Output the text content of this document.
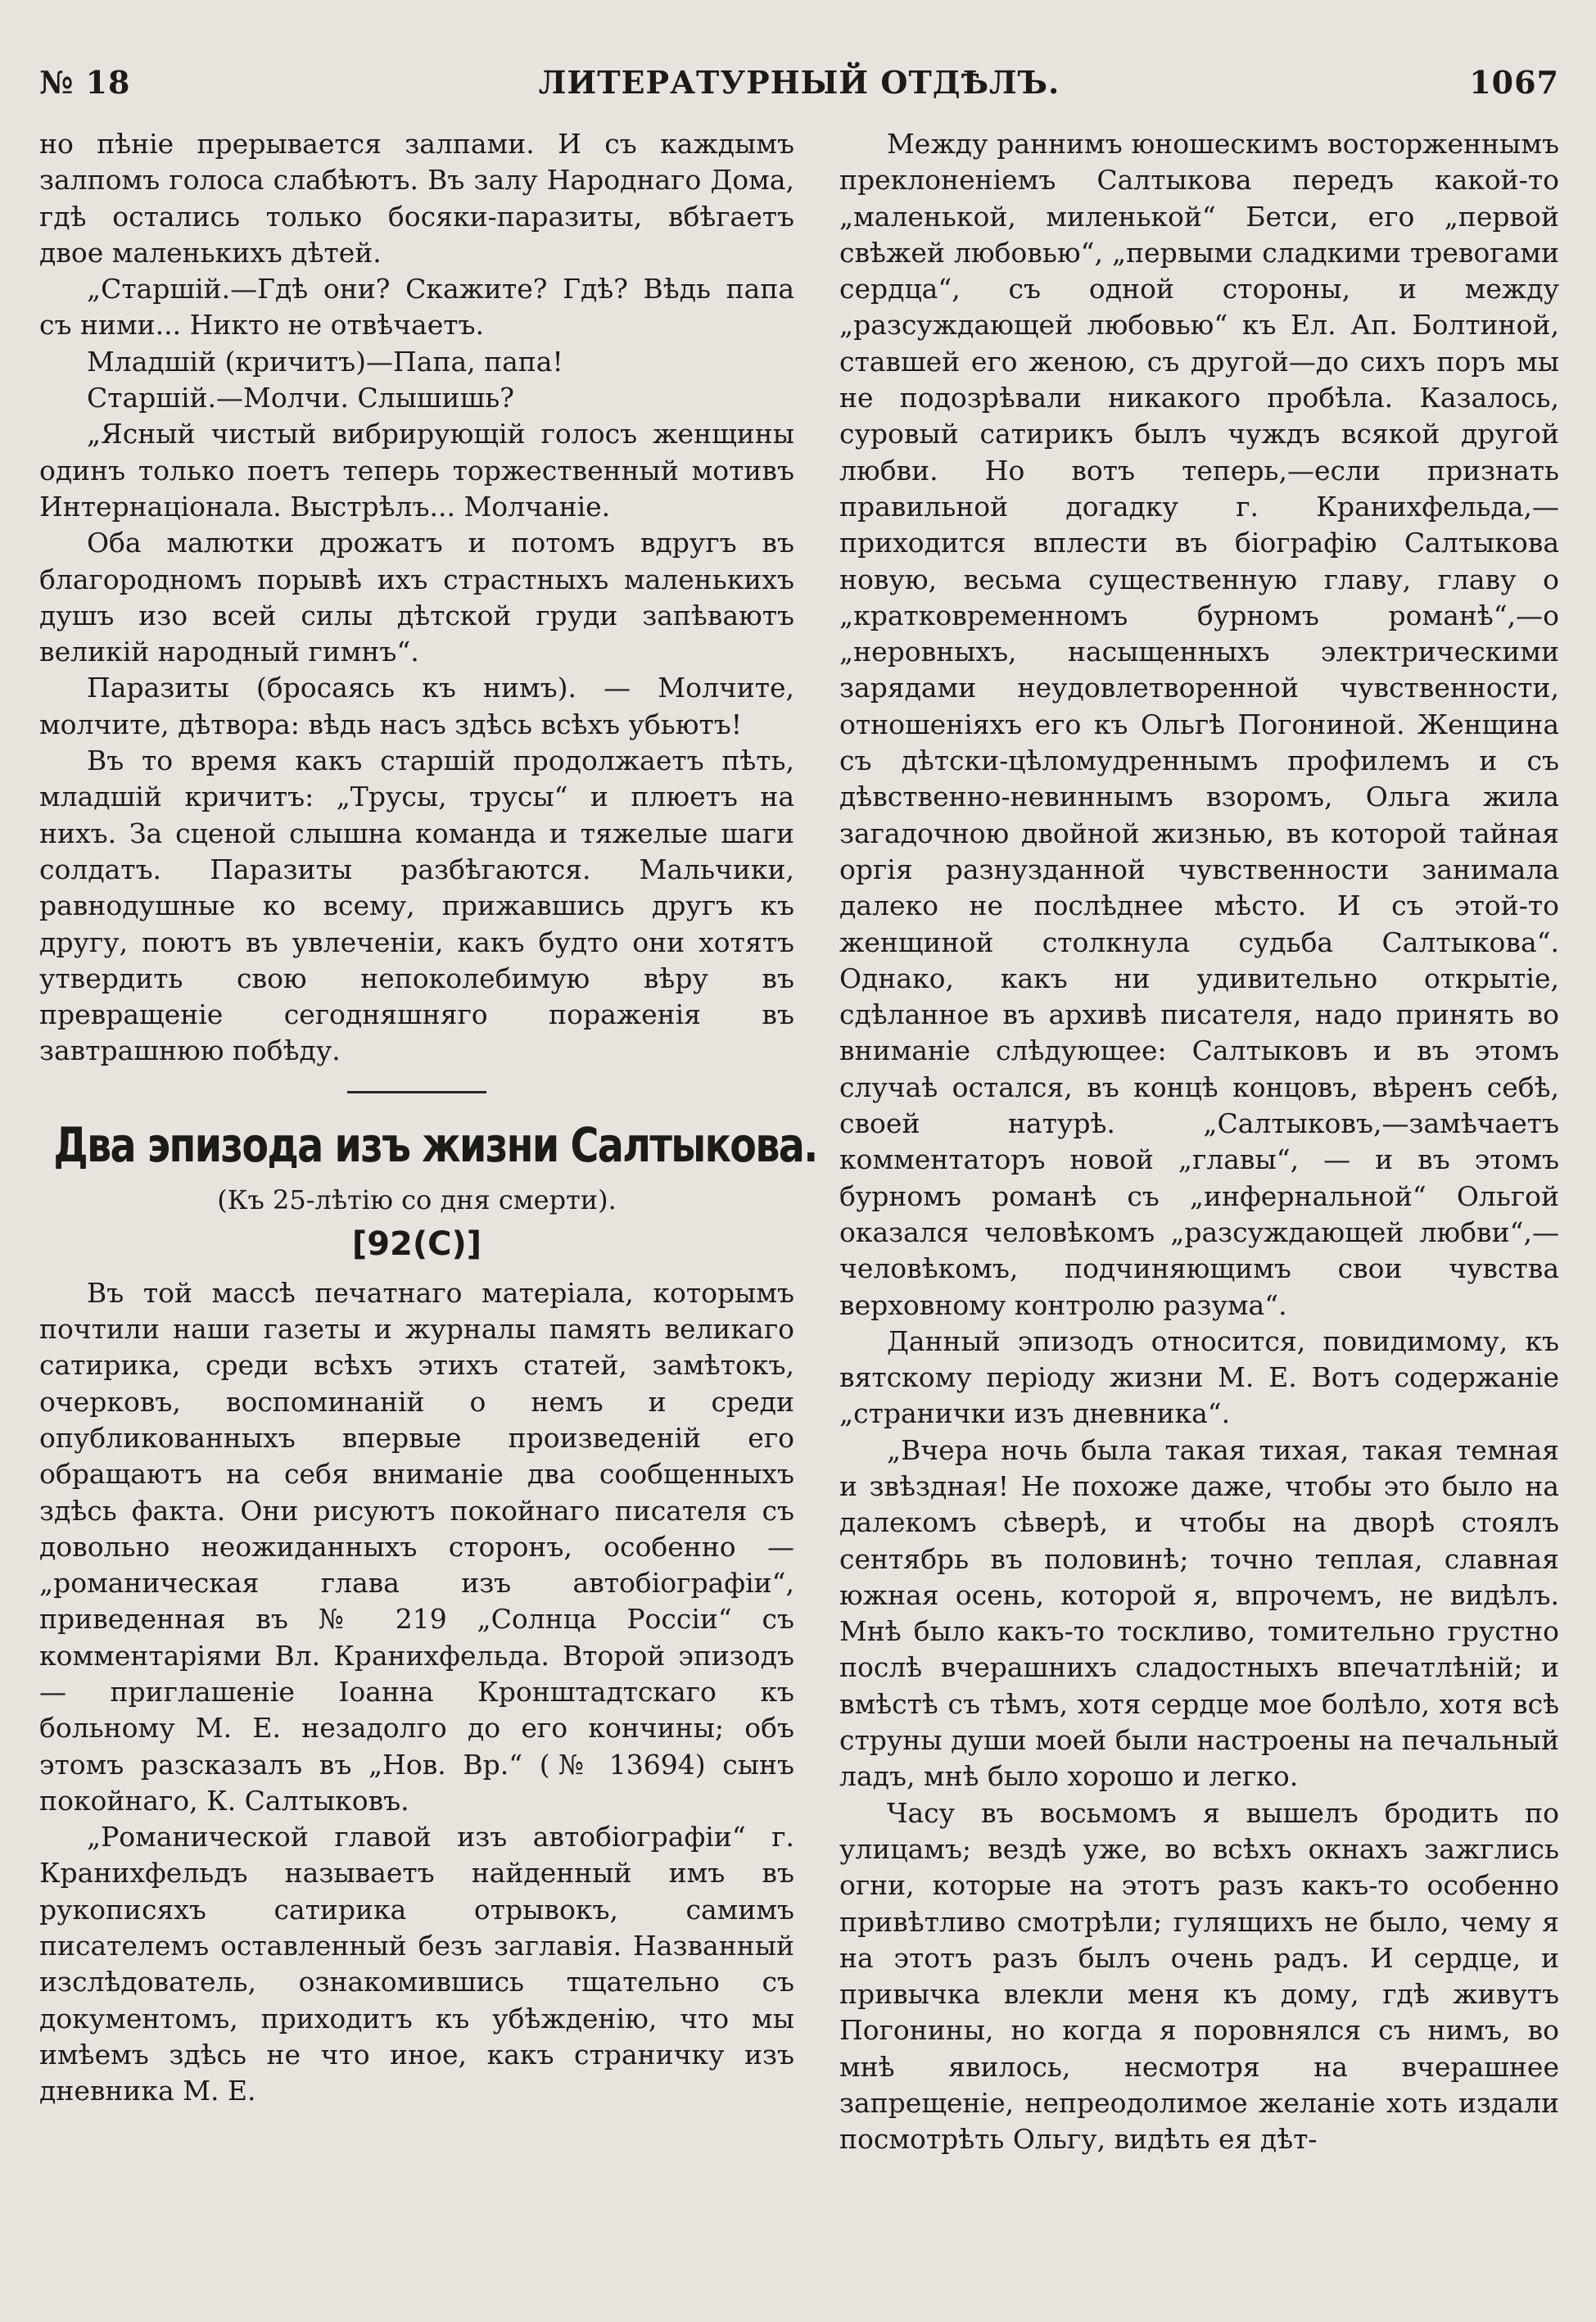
№ 18	ЛИТЕРАТУРНЫЙ ОТДѢЛЪ.	1067

но пѣніе прерывается залпами. И съ каждымъ залпомъ голоса слабѣютъ. Въ залу Народнаго Дома, гдѣ остались только босяки-паразиты, вбѣгаетъ двое маленькихъ дѣтей.

„Старшій.—Гдѣ они? Скажите? Гдѣ? Вѣдь папа съ ними... Никто не отвѣчаетъ.

Младшій (кричитъ)—Папа, папа!

Старшій.—Молчи. Слышишь?

„Ясный чистый вибрирующій голосъ женщины одинъ только поетъ теперь торжественный мотивъ Интернаціонала. Выстрѣлъ... Молчаніе.

Оба малютки дрожатъ и потомъ вдругъ въ благородномъ порывѣ ихъ страстныхъ маленькихъ душъ изо всей силы дѣтской груди запѣваютъ великій народный гимнъ“.

Паразиты (бросаясь къ нимъ). — Молчите, молчите, дѣтвора: вѣдь насъ здѣсь всѣхъ убьютъ!

Въ то время какъ старшій продолжаетъ пѣть, младшій кричитъ: „Трусы, трусы“ и плюетъ на нихъ. За сценой слышна команда и тяжелые шаги солдатъ. Паразиты разбѣгаются. Мальчики, равнодушные ко всему, прижавшись другъ къ другу, поютъ въ увлеченіи, какъ будто они хотятъ утвердить свою непоколебимую вѣру въ превращеніе сегодняшняго пораженія въ завтрашнюю побѣду.

Два эпизода изъ жизни Салтыкова.
(Къ 25-лѣтію со дня смерти).
[92(С)]

Въ той массѣ печатнаго матеріала, которымъ почтили наши газеты и журналы память великаго сатирика, среди всѣхъ этихъ статей, замѣтокъ, очерковъ, воспоминаній о немъ и среди опубликованныхъ впервые произведеній его обращаютъ на себя вниманіе два сообщенныхъ здѣсь факта. Они рисуютъ покойнаго писателя съ довольно неожиданныхъ сторонъ, особенно — „романическая глава изъ автобіографіи“, приведенная въ № 219 „Солнца Россіи“ съ комментаріями Вл. Кранихфельда. Второй эпизодъ — приглашеніе Іоанна Кронштадтскаго къ больному М. Е. незадолго до его кончины; объ этомъ разсказалъ въ „Нов. Вр.“ (№ 13694) сынъ покойнаго, К. Салтыковъ.

„Романической главой изъ автобіографіи“ г. Кранихфельдъ называетъ найденный имъ въ рукописяхъ сатирика отрывокъ, самимъ писателемъ оставленный безъ заглавія. Названный изслѣдователь, ознакомившись тщательно съ документомъ, приходитъ къ убѣжденію, что мы имѣемъ здѣсь не что иное, какъ страничку изъ дневника М. Е.

Между раннимъ юношескимъ восторженнымъ преклоненіемъ Салтыкова передъ какой-то „маленькой, миленькой“ Бетси, его „первой свѣжей любовью“, „первыми сладкими тревогами сердца“, съ одной стороны, и между „разсуждающей любовью“ къ Ел. Ап. Болтиной, ставшей его женою, съ другой—до сихъ поръ мы не подозрѣвали никакого пробѣла. Казалось, суровый сатирикъ былъ чуждъ всякой другой любви. Но вотъ теперь,—если признать правильной догадку г. Кранихфельда,—приходится вплести въ біографію Салтыкова новую, весьма существенную главу, главу о „кратковременномъ бурномъ романѣ“,—о „неровныхъ, насыщенныхъ электрическими зарядами неудовлетворенной чувственности, отношеніяхъ его къ Ольгѣ Погониной. Женщина съ дѣтски-цѣломудреннымъ профилемъ и съ дѣвственно-невиннымъ взоромъ, Ольга жила загадочною двойной жизнью, въ которой тайная оргія разнузданной чувственности занимала далеко не послѣднее мѣсто. И съ этой-то женщиной столкнула судьба Салтыкова“. Однако, какъ ни удивительно открытіе, сдѣланное въ архивѣ писателя, надо принять во вниманіе слѣдующее: Салтыковъ и въ этомъ случаѣ остался, въ концѣ концовъ, вѣренъ себѣ, своей натурѣ. „Салтыковъ,—замѣчаетъ комментаторъ новой „главы“, — и въ этомъ бурномъ романѣ съ „инфернальной“ Ольгой оказался человѣкомъ „разсуждающей любви“,—человѣкомъ, подчиняющимъ свои чувства верховному контролю разума“.

Данный эпизодъ относится, повидимому, къ вятскому періоду жизни М. Е. Вотъ содержаніе „странички изъ дневника“.

„Вчера ночь была такая тихая, такая темная и звѣздная! Не похоже даже, чтобы это было на далекомъ сѣверѣ, и чтобы на дворѣ стоялъ сентябрь въ половинѣ; точно теплая, славная южная осень, которой я, впрочемъ, не видѣлъ. Мнѣ было какъ-то тоскливо, томительно грустно послѣ вчерашнихъ сладостныхъ впечатлѣній; и вмѣстѣ съ тѣмъ, хотя сердце мое болѣло, хотя всѣ струны души моей были настроены на печальный ладъ, мнѣ было хорошо и легко.

Часу въ восьмомъ я вышелъ бродить по улицамъ; вездѣ уже, во всѣхъ окнахъ зажглись огни, которые на этотъ разъ какъ-то особенно привѣтливо смотрѣли; гулящихъ не было, чему я на этотъ разъ былъ очень радъ. И сердце, и привычка влекли меня къ дому, гдѣ живутъ Погонины, но когда я поровнялся съ нимъ, во мнѣ явилось, несмотря на вчерашнее запрещеніе, непреодолимое желаніе хоть издали посмотрѣть Ольгу, видѣть ея дѣт-
